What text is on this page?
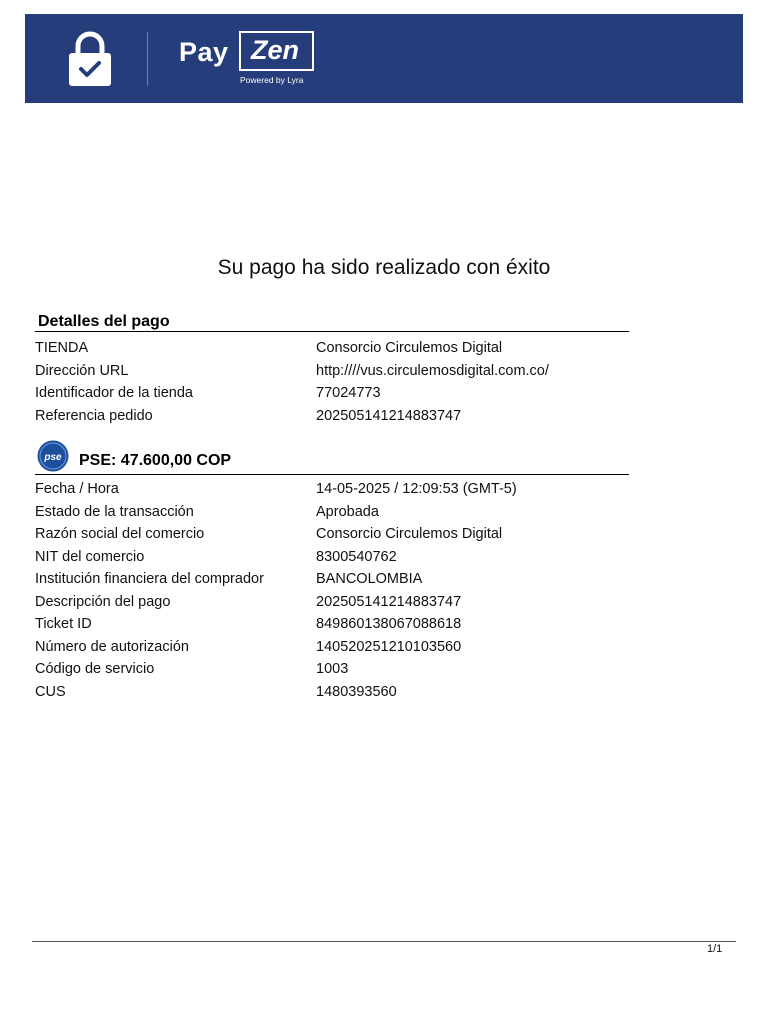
Pay Zen
Powered by Lyra
Su pago ha sido realizado con éxito
Detalles del pago
TIENDA	Consorcio Circulemos Digital
Dirección URL	http:////vus.circulemosdigital.com.co/
Identificador de la tienda	77024773
Referencia pedido	202505141214883747
pse PSE: 47.600,00 COP
Fecha / Hora	14-05-2025 / 12:09:53 (GMT-5)
Estado de la transacción	Aprobada
Razón social del comercio	Consorcio Circulemos Digital
NIT del comercio	8300540762
Institución financiera del comprador	BANCOLOMBIA
Descripción del pago	202505141214883747
Ticket ID	849860138067088618
Número de autorización	140520251210103560
Código de servicio	1003
CUS	1480393560
1/1
